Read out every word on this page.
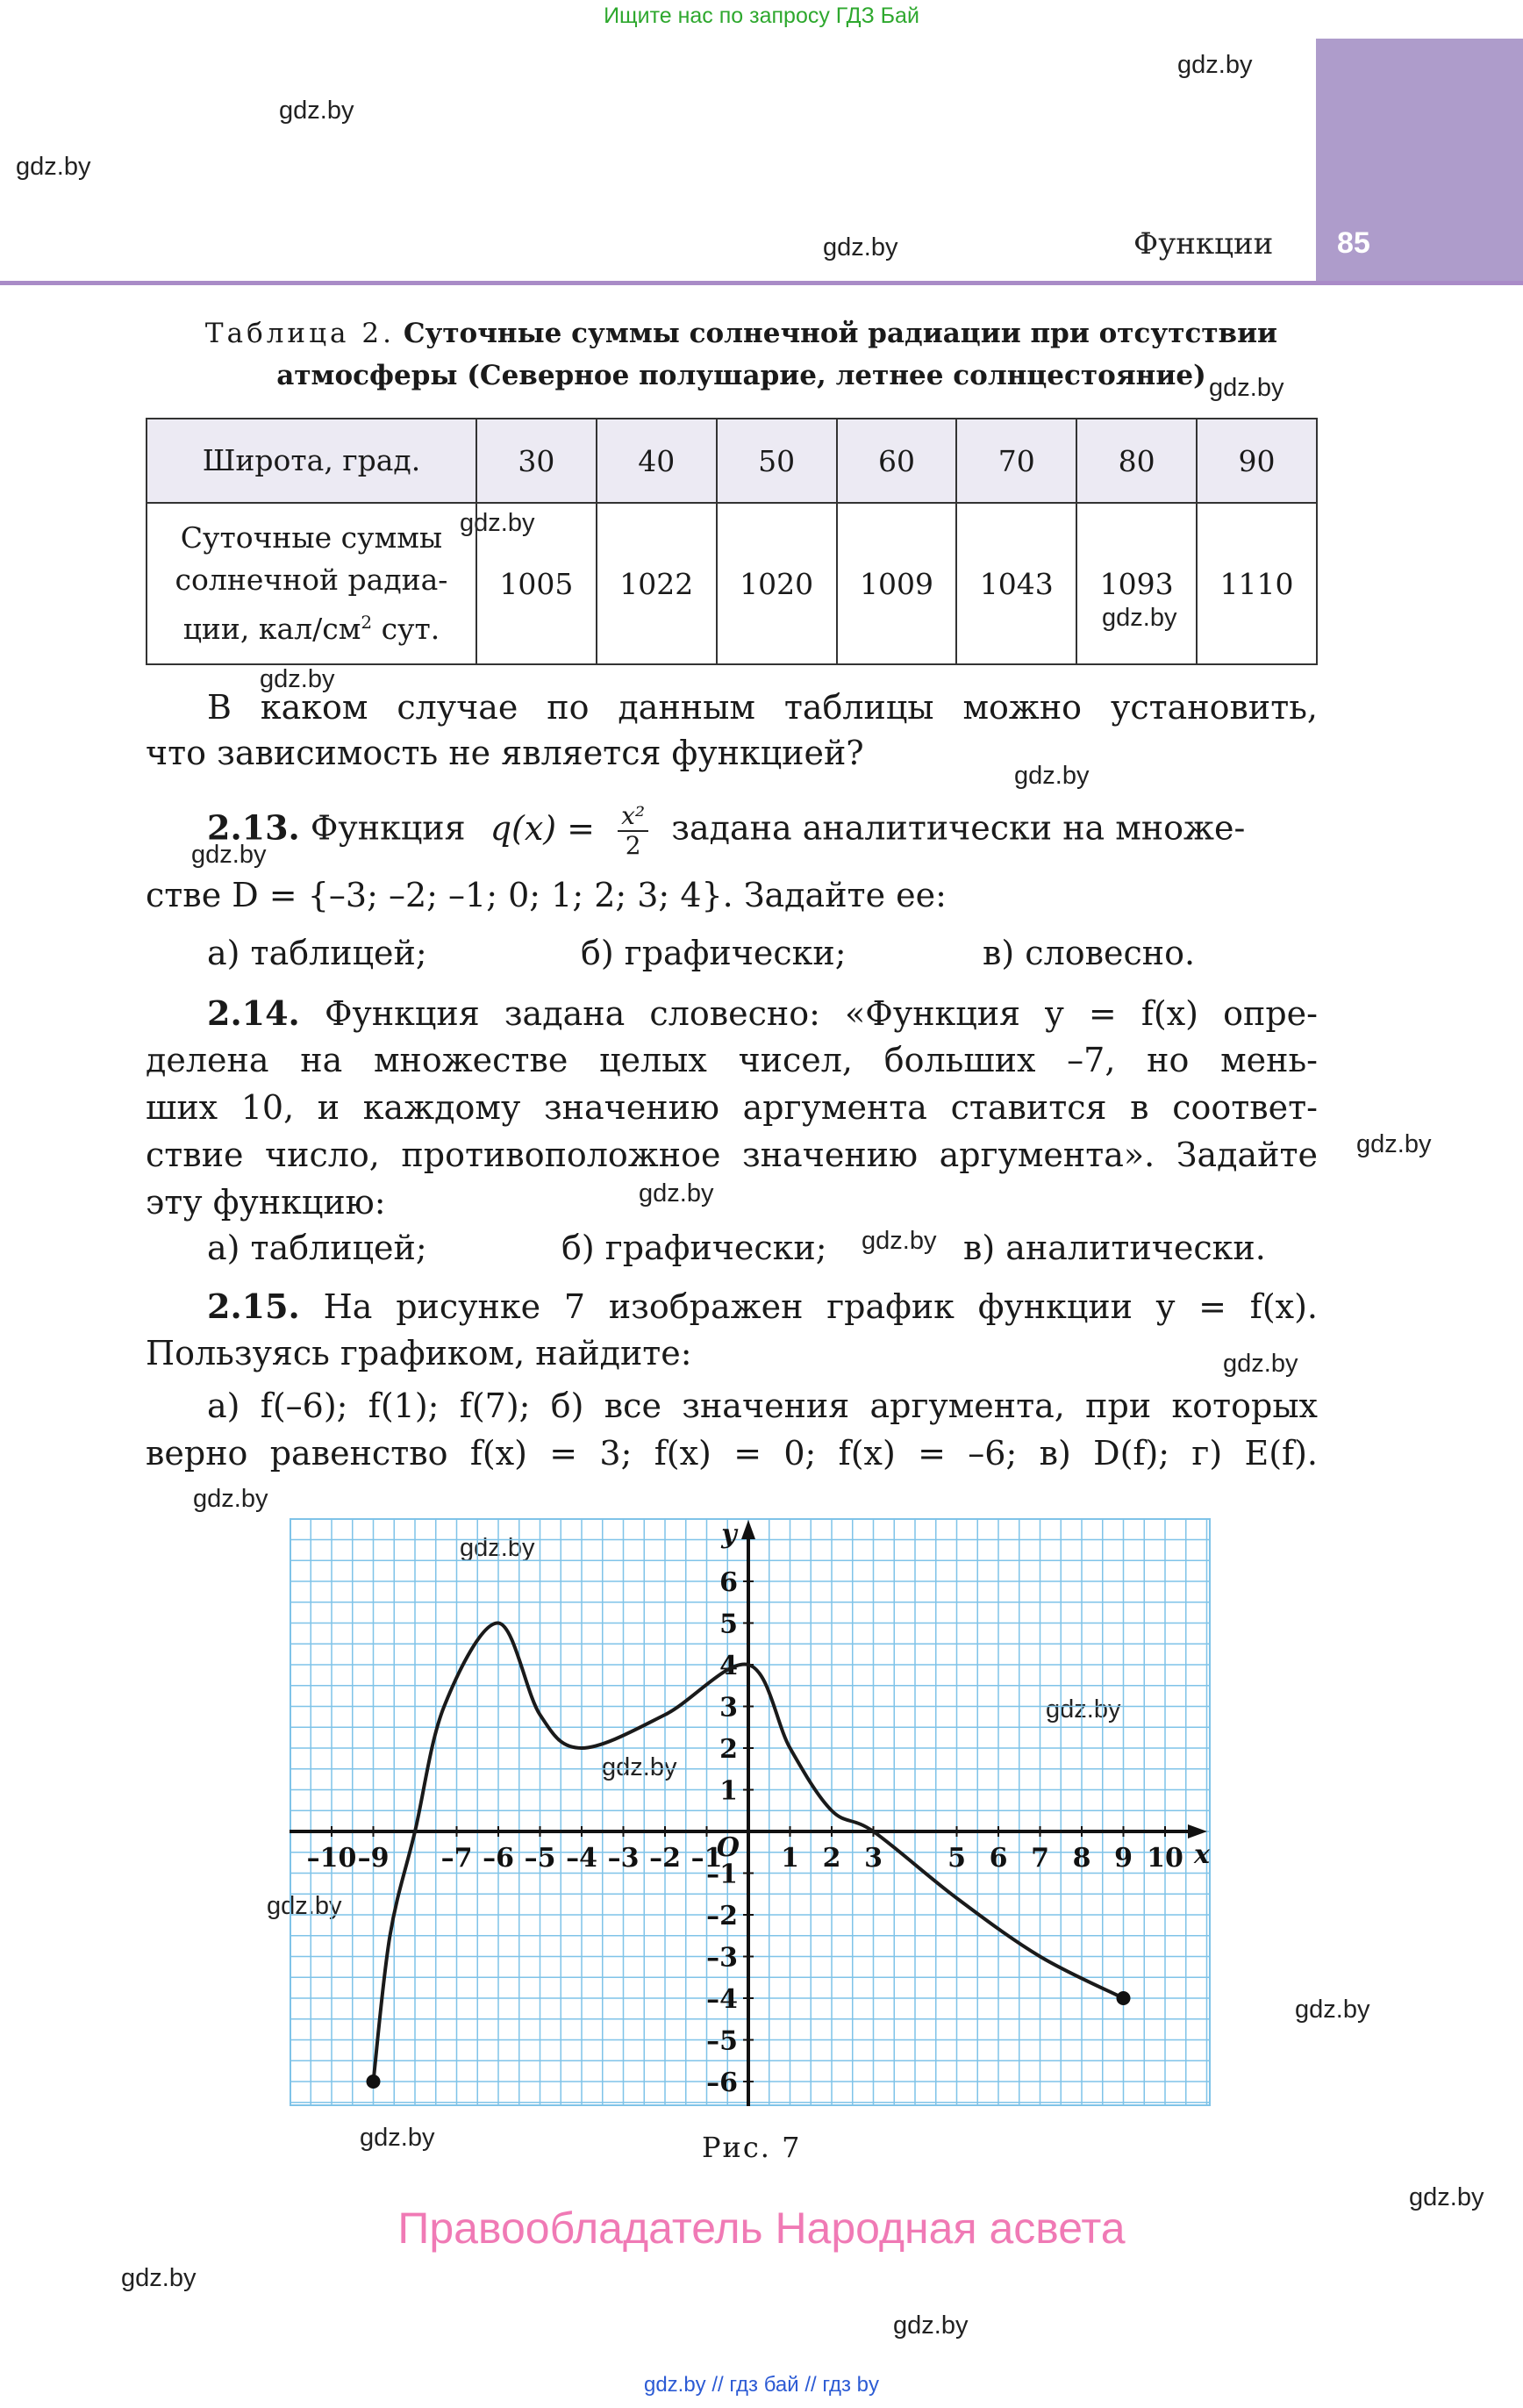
Ищите нас по запросу ГДЗ Бай
Функции 85
gdz.by
gdz.by
gdz.by
gdz.by
gdz.by
gdz.by
gdz.by
gdz.by
gdz.by
gdz.by
gdz.by
gdz.by
gdz.by
gdz.by
gdz.by
gdz.by
gdz.by
gdz.by
gdz.by
gdz.by
gdz.by
gdz.by
gdz.by
gdz.by
Таблица 2. Суточные суммы солнечной радиации при отсутствии атмосферы (Северное полушарие, летнее солнцестояние)
Широта, град.	30	40	50	60	70	80	90
Суточные суммы
солнечной радиа-
ции, кал/$см^2$ сут.	1005	1022	1020	1009	1043	1093	1110
В каком случае по данным таблицы можно установить,
что зависимость не является функцией?
2.13. Функция $q(x) = \frac{\text{x²}}{2}$ задана аналитически на множе-
стве D = {–3; –2; –1; 0; 1; 2; 3; 4}. Задайте ее:
а) таблицей;	б) графически;	в) словесно.
2.14. Функция задана словесно: «Функция y = f(x) опре-
делена на множестве целых чисел, больших –7, но мень-
ших 10, и каждому значению аргумента ставится в соответ-
ствие число, противоположное значению аргумента». Задайте
эту функцию:
а) таблицей;	б) графически;	в) аналитически.
2.15. На рисунке 7 изображен график функции y = f(x).
Пользуясь графиком, найдите:
а) f(–6); f(1); f(7); б) все значения аргумента, при которых
верно равенство f(x) = 3; f(x) = 0; f(x) = –6; в) D(f); г) E(f).
–10 –9 –7 –6 –5 –4 –3 –2 –1 1 2 3 5 6 7 8 9 10
6
5
4
3
2
1
–1
–2
–3
–4
–5
–6
O	x
y
Рис. 7
Правообладатель Народная асвета
gdz.by // гдз бай // гдз by
